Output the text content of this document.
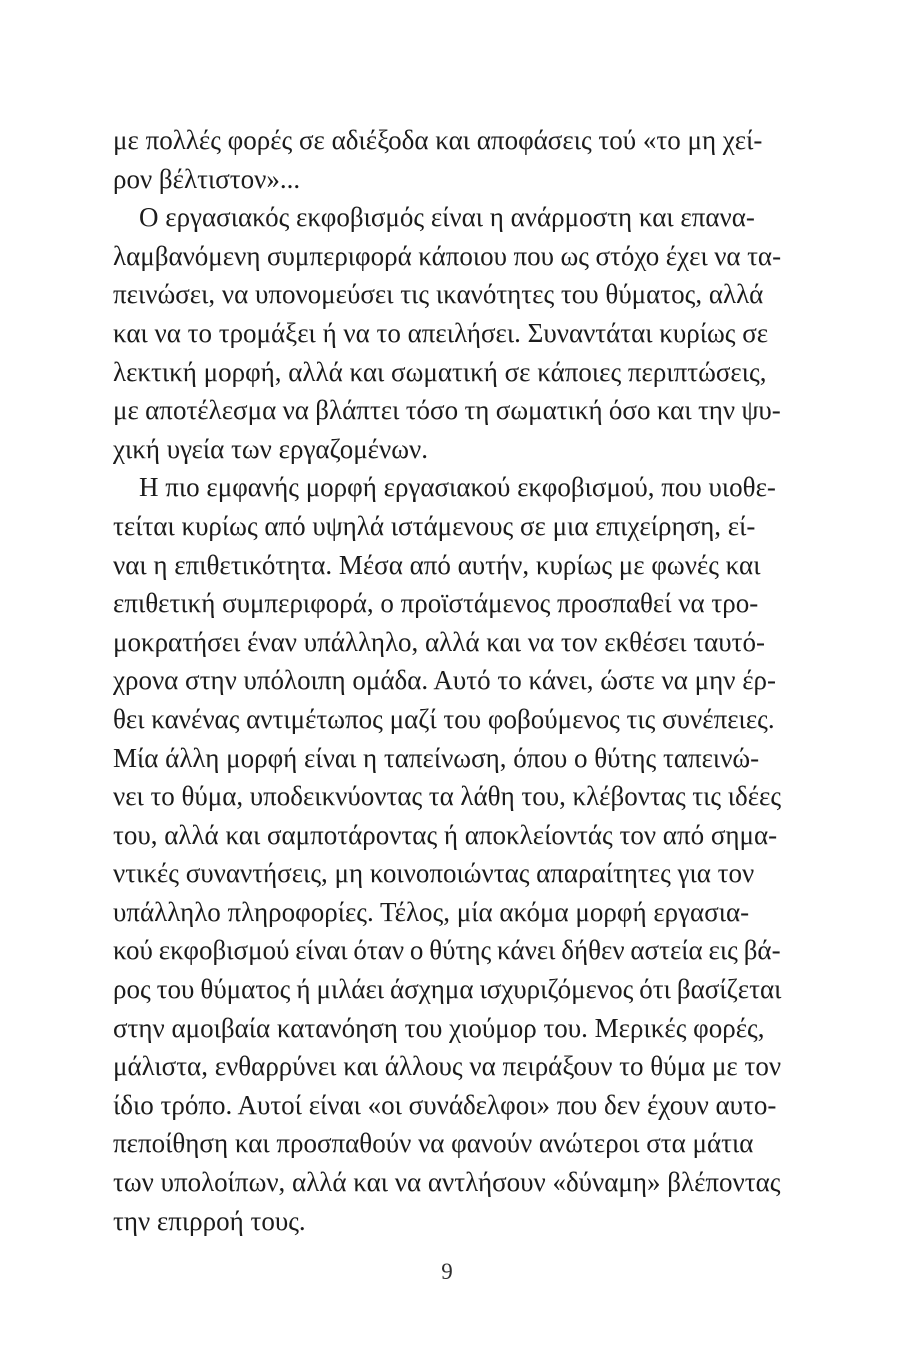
με πολλές φορές σε αδιέξοδα και αποφάσεις τού «το μη χεί-
ρον βέλτιστον»...
Ο εργασιακός εκφοβισμός είναι η ανάρμοστη και επανα-
λαμβανόμενη συμπεριφορά κάποιου που ως στόχο έχει να τα-
πεινώσει, να υπονομεύσει τις ικανότητες του θύματος, αλλά
και να το τρομάξει ή να το απειλήσει. Συναντάται κυρίως σε
λεκτική μορφή, αλλά και σωματική σε κάποιες περιπτώσεις,
με αποτέλεσμα να βλάπτει τόσο τη σωματική όσο και την ψυ-
χική υγεία των εργαζομένων.
Η πιο εμφανής μορφή εργασιακού εκφοβισμού, που υιοθε-
τείται κυρίως από υψηλά ιστάμενους σε μια επιχείρηση, εί-
ναι η επιθετικότητα. Μέσα από αυτήν, κυρίως με φωνές και
επιθετική συμπεριφορά, ο προϊστάμενος προσπαθεί να τρο-
μοκρατήσει έναν υπάλληλο, αλλά και να τον εκθέσει ταυτό-
χρονα στην υπόλοιπη ομάδα. Αυτό το κάνει, ώστε να μην έρ-
θει κανένας αντιμέτωπος μαζί του φοβούμενος τις συνέπειες.
Μία άλλη μορφή είναι η ταπείνωση, όπου ο θύτης ταπεινώ-
νει το θύμα, υποδεικνύοντας τα λάθη του, κλέβοντας τις ιδέες
του, αλλά και σαμποτάροντας ή αποκλείοντάς τον από σημα-
ντικές συναντήσεις, μη κοινοποιώντας απαραίτητες για τον
υπάλληλο πληροφορίες. Τέλος, μία ακόμα μορφή εργασια-
κού εκφοβισμού είναι όταν ο θύτης κάνει δήθεν αστεία εις βά-
ρος του θύματος ή μιλάει άσχημα ισχυριζόμενος ότι βασίζεται
στην αμοιβαία κατανόηση του χιούμορ του. Μερικές φορές,
μάλιστα, ενθαρρύνει και άλλους να πειράξουν το θύμα με τον
ίδιο τρόπο. Αυτοί είναι «οι συνάδελφοι» που δεν έχουν αυτο-
πεποίθηση και προσπαθούν να φανούν ανώτεροι στα μάτια
των υπολοίπων, αλλά και να αντλήσουν «δύναμη» βλέποντας
την επιρροή τους.
9
